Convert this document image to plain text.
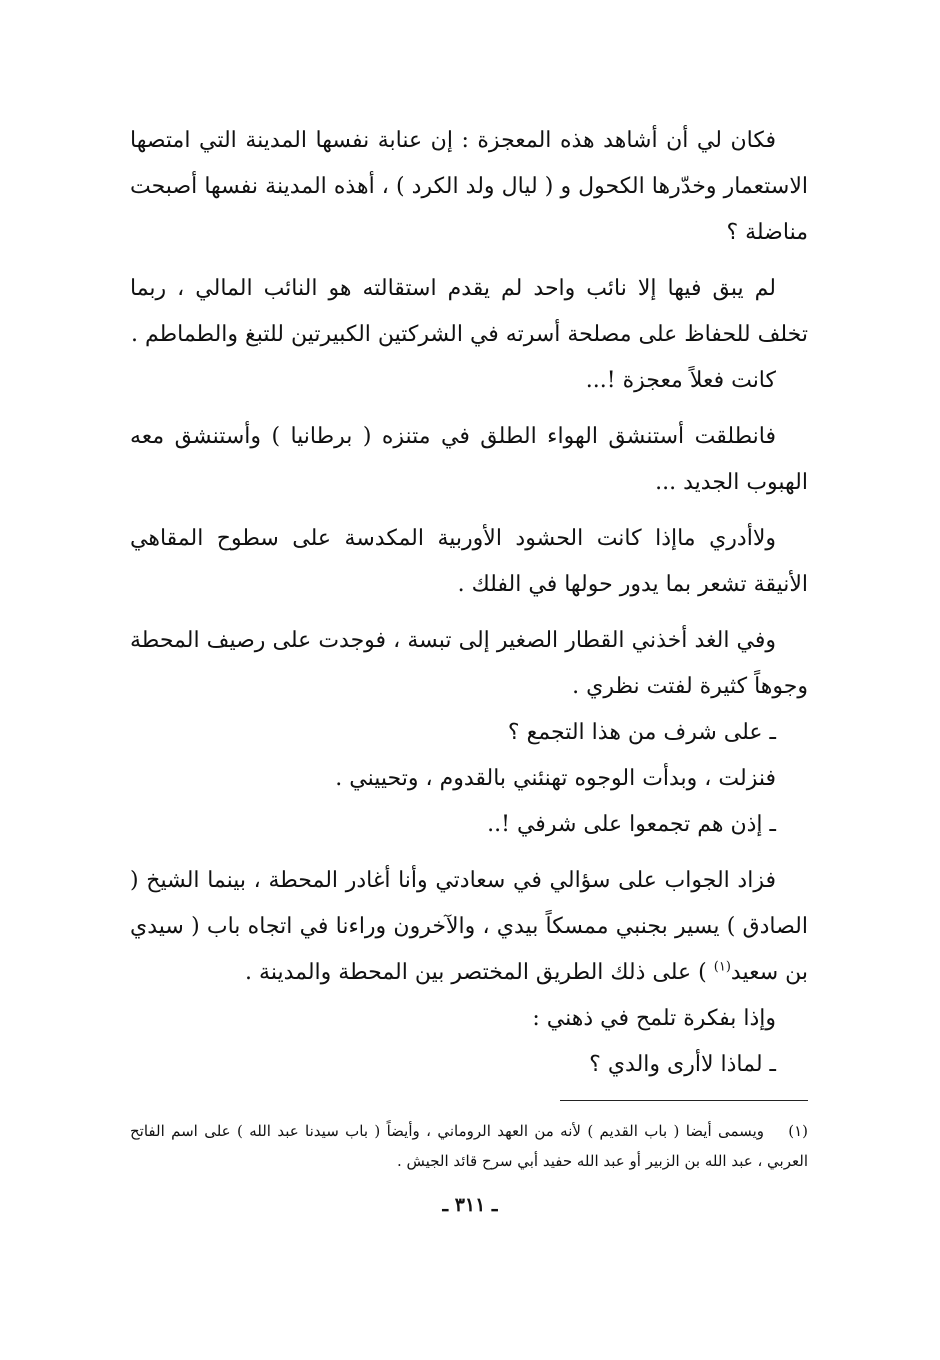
فكان لي أن أشاهد هذه المعجزة : إن عنابة نفسها المدينة التي امتصها الاستعمار وخدّرها الكحول و ( ليال ولد الكرد ) ، أهذه المدينة نفسها أصبحت مناضلة ؟

لم يبق فيها إلا نائب واحد لم يقدم استقالته هو النائب المالي ، ربما تخلف للحفاظ على مصلحة أسرته في الشركتين الكبيرتين للتبغ والطماطم .

كانت فعلاً معجزة !...

فانطلقت أستنشق الهواء الطلق في متنزه ( برطانيا ) وأستنشق معه الهبوب الجديد ...

ولاأدري ماإذا كانت الحشود الأوربية المكدسة على سطوح المقاهي الأنيقة تشعر بما يدور حولها في الفلك .

وفي الغد أخذني القطار الصغير إلى تبسة ، فوجدت على رصيف المحطة وجوهاً كثيرة لفتت نظري .

ـ على شرف من هذا التجمع ؟

فنزلت ، وبدأت الوجوه تهنئني بالقدوم ، وتحييني .

ـ إذن هم تجمعوا على شرفي !..

فزاد الجواب على سؤالي في سعادتي وأنا أغادر المحطة ، بينما الشيخ ( الصادق ) يسير بجنبي ممسكاً بيدي ، والآخرون وراءنا في اتجاه باب ( سيدي بن سعيد$^{(١)}$ ) على ذلك الطريق المختصر بين المحطة والمدينة .

وإذا بفكرة تلمح في ذهني :

ـ لماذا لاأرى والدي ؟

(١)ويسمى أيضا ( باب القديم ) لأنه من العهد الروماني ، وأيضاً ( باب سيدنا عبد الله ) على اسم الفاتح العربي ، عبد الله بن الزبير أو عبد الله حفيد أبي سرح قائد الجيش .
ـ ٣١١ ـ
